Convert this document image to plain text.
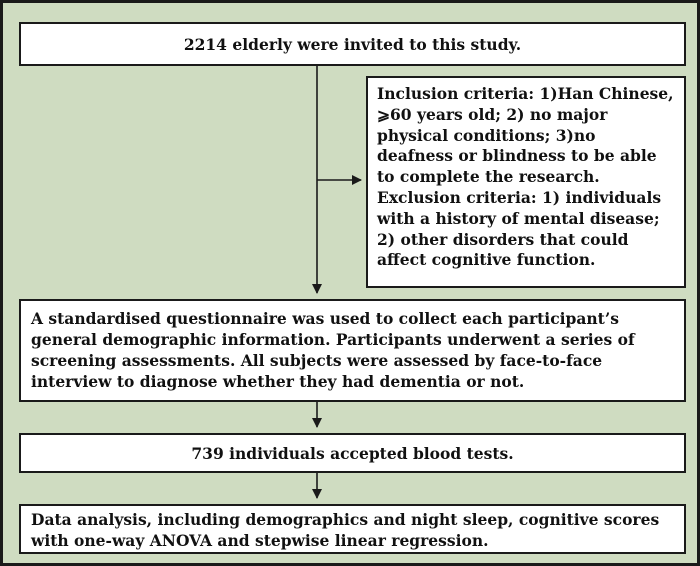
2214 elderly were invited to this study.

Inclusion criteria: 1)Han Chinese, ⩾60 years old; 2) no major physical conditions; 3)no deafness or blindness to be able to complete the research.

Exclusion criteria: 1) individuals with a history of mental disease; 2) other disorders that could affect cognitive function.

A standardised questionnaire was used to collect each participant’s general demographic information. Participants underwent a series of screening assessments. All subjects were assessed by face-to-face interview to diagnose whether they had dementia or not.
739 individuals accepted blood tests.
Data analysis, including demographics and night sleep, cognitive scores with one-way ANOVA and stepwise linear regression.
